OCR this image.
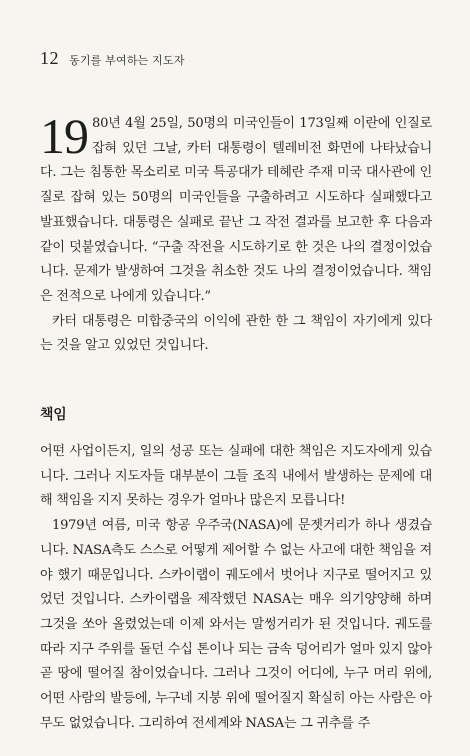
12 동기를 부여하는 지도자

19 80년 4월 25일, 50명의 미국인들이 173일째 이란에 인질로 잡혀 있던 그날, 카터 대통령이 텔레비전 화면에 나타났습니다. 그는 침통한 목소리로 미국 특공대가 테헤란 주재 미국 대사관에 인질로 잡혀 있는 50명의 미국인들을 구출하려고 시도하다 실패했다고 발표했습니다. 대통령은 실패로 끝난 그 작전 결과를 보고한 후 다음과 같이 덧붙였습니다. “구출 작전을 시도하기로 한 것은 나의 결정이었습니다. 문제가 발생하여 그것을 취소한 것도 나의 결정이었습니다. 책임은 전적으로 나에게 있습니다.”

카터 대통령은 미합중국의 이익에 관한 한 그 책임이 자기에게 있다는 것을 알고 있었던 것입니다.

책임

어떤 사업이든지, 일의 성공 또는 실패에 대한 책임은 지도자에게 있습니다. 그러나 지도자들 대부분이 그들 조직 내에서 발생하는 문제에 대해 책임을 지지 못하는 경우가 얼마나 많은지 모릅니다!

1979년 여름, 미국 항공 우주국(NASA)에 문젯거리가 하나 생겼습니다. NASA측도 스스로 어떻게 제어할 수 없는 사고에 대한 책임을 져야 했기 때문입니다. 스카이랩이 궤도에서 벗어나 지구로 떨어지고 있었던 것입니다. 스카이랩을 제작했던 NASA는 매우 의기양양해 하며 그것을 쏘아 올렸었는데 이제 와서는 말썽거리가 된 것입니다. 궤도를 따라 지구 주위를 돌던 수십 톤이나 되는 금속 덩어리가 얼마 있지 않아 곧 땅에 떨어질 참이었습니다. 그러나 그것이 어디에, 누구 머리 위에, 어떤 사람의 발등에, 누구네 지붕 위에 떨어질지 확실히 아는 사람은 아무도 없었습니다. 그리하여 전세계와 NASA는 그 귀추를 주
